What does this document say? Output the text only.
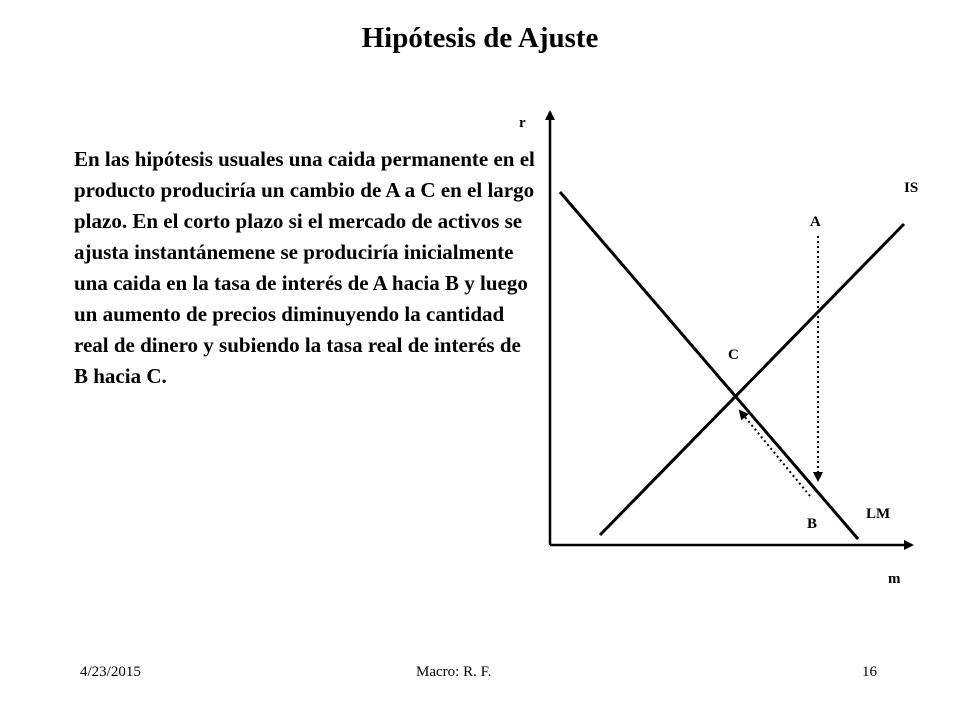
Hipótesis de Ajuste

En las hipótesis usuales una caida permanente en el producto produciría un cambio de A a C en el largo plazo. En el corto plazo si el mercado de activos se ajusta instantánemene se produciría inicialmente una caida en la tasa de interés de A hacia B y luego un aumento de precios diminuyendo la cantidad real de dinero y subiendo la tasa real de interés de B hacia C.

r
m
IS
LM
A
B
C

4/23/2015	Macro: R. F.	16
